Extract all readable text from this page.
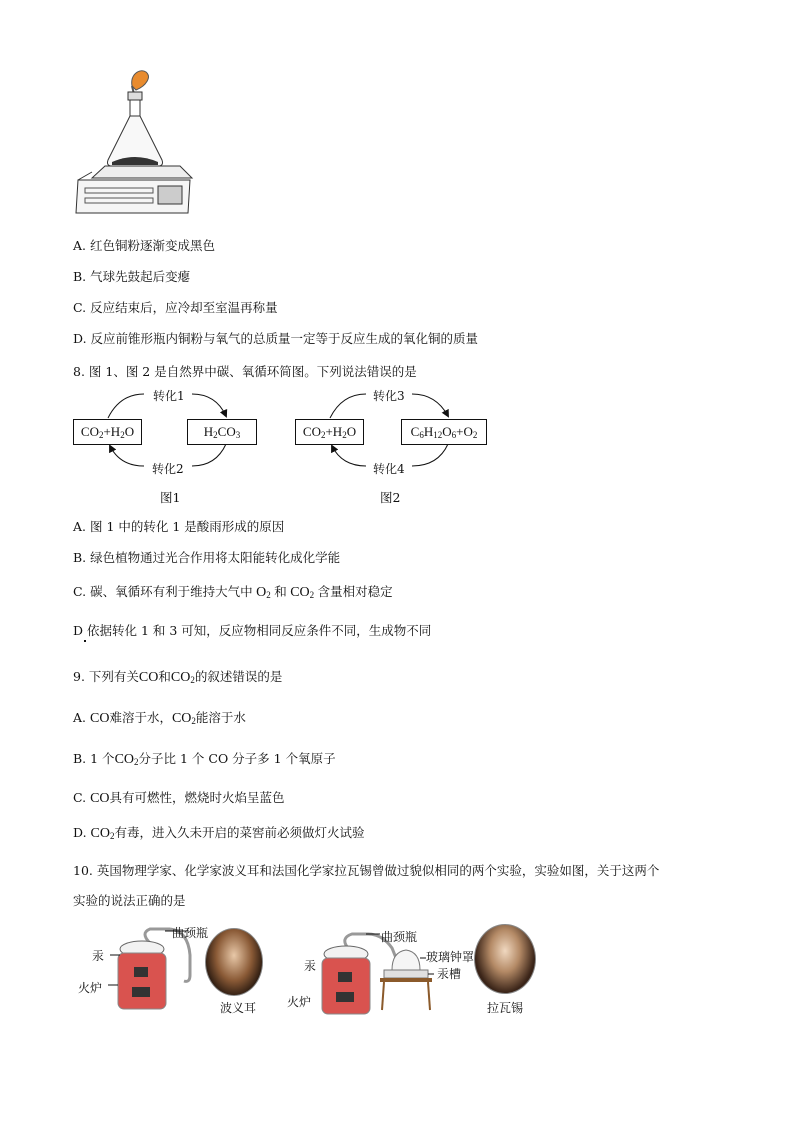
A. 红色铜粉逐渐变成黑色
B. 气球先鼓起后变瘪
C. 反应结束后，应冷却至室温再称量
D. 反应前锥形瓶内铜粉与氧气的总质量一定等于反应生成的氧化铜的质量
8. 图 1、图 2 是自然界中碳、氧循环简图。下列说法错误的是
$CO_2+H_2O$	$H_2CO_3$
转化1
转化2
图1
$CO_2+H_2O$	$C_6H_{12}O_6+O_2$
转化3
转化4
图2
A. 图 1 中的转化 1 是酸雨形成的原因
B. 绿色植物通过光合作用将太阳能转化成化学能
C. 碳、氧循环有利于维持大气中 $O_2$ 和 $CO_2$ 含量相对稳定
D 依据转化 1 和 3 可知，反应物相同反应条件不同，生成物不同
9. 下列有关CO和$CO_2$的叙述错误的是
A. CO难溶于水，$CO_2$能溶于水
B. 1 个$CO_2$分子比 1 个 CO 分子多 1 个氧原子
C. CO具有可燃性，燃烧时火焰呈蓝色
D. $CO_2$有毒，进入久未开启的菜窖前必须做灯火试验
10. 英国物理学家、化学家波义耳和法国化学家拉瓦锡曾做过貌似相同的两个实验，实验如图，关于这两个
实验的说法正确的是
曲颈瓶
汞
火炉
波义耳
曲颈瓶
玻璃钟罩
汞槽
汞
火炉	拉瓦锡
